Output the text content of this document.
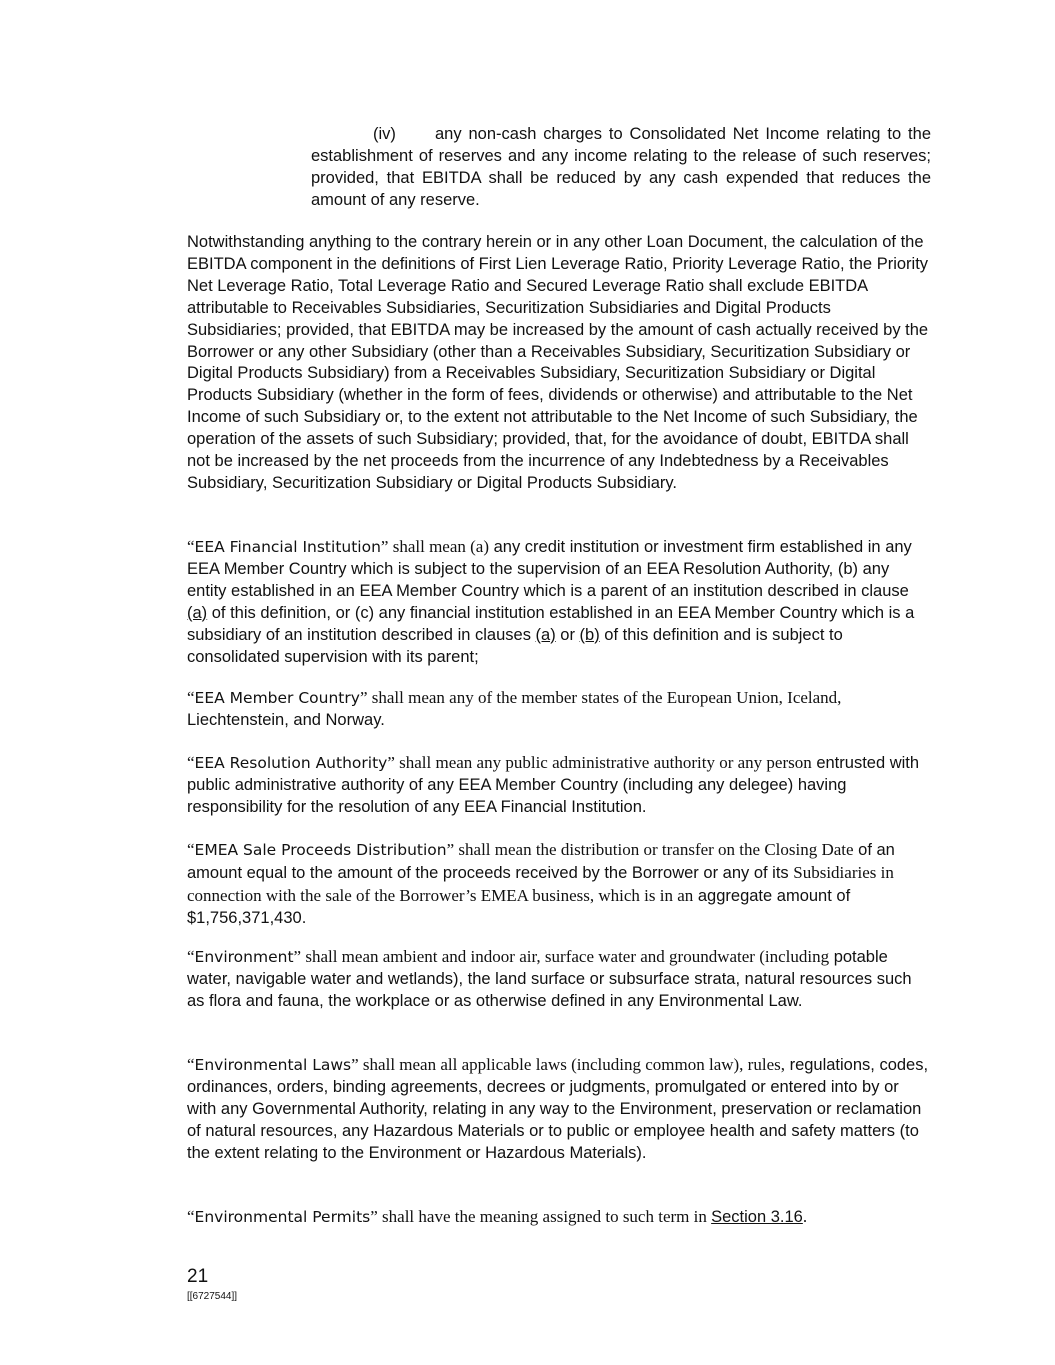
(iv) any non-cash charges to Consolidated Net Income relating to the establishment of reserves and any income relating to the release of such reserves; provided, that EBITDA shall be reduced by any cash expended that reduces the amount of any reserve.

Notwithstanding anything to the contrary herein or in any other Loan Document, the calculation of the EBITDA component in the definitions of First Lien Leverage Ratio, Priority Leverage Ratio, the Priority Net Leverage Ratio, Total Leverage Ratio and Secured Leverage Ratio shall exclude EBITDA attributable to Receivables Subsidiaries, Securitization Subsidiaries and Digital Products Subsidiaries; provided, that EBITDA may be increased by the amount of cash actually received by the Borrower or any other Subsidiary (other than a Receivables Subsidiary, Securitization Subsidiary or Digital Products Subsidiary) from a Receivables Subsidiary, Securitization Subsidiary or Digital Products Subsidiary (whether in the form of fees, dividends or otherwise) and attributable to the Net Income of such Subsidiary or, to the extent not attributable to the Net Income of such Subsidiary, the operation of the assets of such Subsidiary; provided, that, for the avoidance of doubt, EBITDA shall not be increased by the net proceeds from the incurrence of any Indebtedness by a Receivables Subsidiary, Securitization Subsidiary or Digital Products Subsidiary.

“EEA Financial Institution” shall mean (a) any credit institution or investment firm established in any EEA Member Country which is subject to the supervision of an EEA Resolution Authority, (b) any entity established in an EEA Member Country which is a parent of an institution described in clause (a) of this definition, or (c) any financial institution established in an EEA Member Country which is a subsidiary of an institution described in clauses (a) or (b) of this definition and is subject to consolidated supervision with its parent;

“EEA Member Country” shall mean any of the member states of the European Union, Iceland, Liechtenstein, and Norway.

“EEA Resolution Authority” shall mean any public administrative authority or any person entrusted with public administrative authority of any EEA Member Country (including any delegee) having responsibility for the resolution of any EEA Financial Institution.

“EMEA Sale Proceeds Distribution” shall mean the distribution or transfer on the Closing Date of an amount equal to the amount of the proceeds received by the Borrower or any of its Subsidiaries in connection with the sale of the Borrower’s EMEA business, which is in an aggregate amount of $1,756,371,430.

“Environment” shall mean ambient and indoor air, surface water and groundwater (including potable water, navigable water and wetlands), the land surface or subsurface strata, natural resources such as flora and fauna, the workplace or as otherwise defined in any Environmental Law.

“Environmental Laws” shall mean all applicable laws (including common law), rules, regulations, codes, ordinances, orders, binding agreements, decrees or judgments, promulgated or entered into by or with any Governmental Authority, relating in any way to the Environment, preservation or reclamation of natural resources, any Hazardous Materials or to public or employee health and safety matters (to the extent relating to the Environment or Hazardous Materials).

“Environmental Permits” shall have the meaning assigned to such term in Section 3.16.

21
[[6727544]]
